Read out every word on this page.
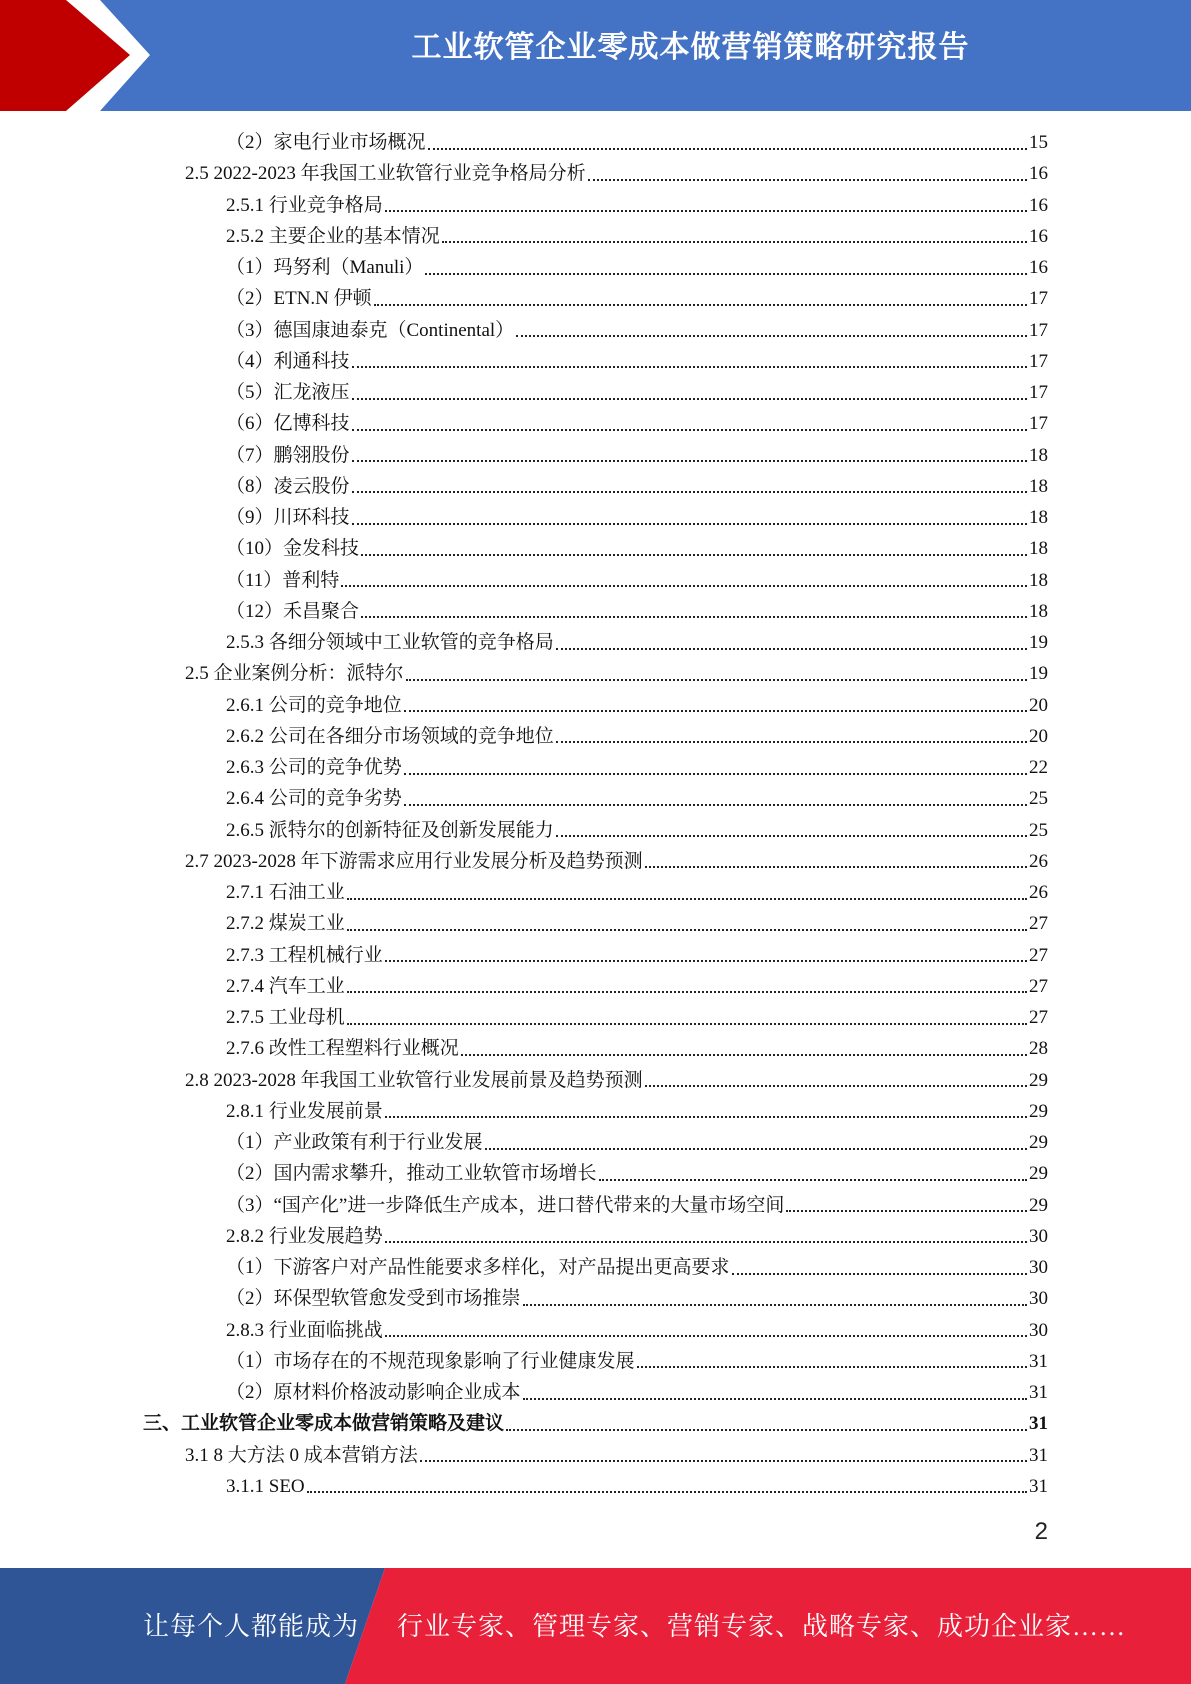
工业软管企业零成本做营销策略研究报告
（2）家电行业市场概况	15
2.5 2022-2023 年我国工业软管行业竞争格局分析	16
2.5.1 行业竞争格局	16
2.5.2 主要企业的基本情况	16
（1）玛努利（Manuli）	16
（2）ETN.N 伊顿	17
（3）德国康迪泰克（Continental）	17
（4）利通科技	17
（5）汇龙液压	17
（6）亿博科技	17
（7）鹏翎股份	18
（8）凌云股份	18
（9）川环科技	18
（10）金发科技	18
（11）普利特	18
（12）禾昌聚合	18
2.5.3 各细分领域中工业软管的竞争格局	19
2.5 企业案例分析：派特尔	19
2.6.1 公司的竞争地位	20
2.6.2 公司在各细分市场领域的竞争地位	20
2.6.3 公司的竞争优势	22
2.6.4 公司的竞争劣势	25
2.6.5 派特尔的创新特征及创新发展能力	25
2.7 2023-2028 年下游需求应用行业发展分析及趋势预测	26
2.7.1 石油工业	26
2.7.2 煤炭工业	27
2.7.3 工程机械行业	27
2.7.4 汽车工业	27
2.7.5 工业母机	27
2.7.6 改性工程塑料行业概况	28
2.8 2023-2028 年我国工业软管行业发展前景及趋势预测	29
2.8.1 行业发展前景	29
（1）产业政策有利于行业发展	29
（2）国内需求攀升，推动工业软管市场增长	29
（3）“国产化”进一步降低生产成本，进口替代带来的大量市场空间	29
2.8.2 行业发展趋势	30
（1）下游客户对产品性能要求多样化，对产品提出更高要求	30
（2）环保型软管愈发受到市场推崇	30
2.8.3 行业面临挑战	30
（1）市场存在的不规范现象影响了行业健康发展	31
（2）原材料价格波动影响企业成本	31
三、工业软管企业零成本做营销策略及建议	31
3.1 8 大方法 0 成本营销方法	31
3.1.1 SEO	31
2
让每个人都能成为 行业专家、管理专家、营销专家、战略专家、成功企业家……
